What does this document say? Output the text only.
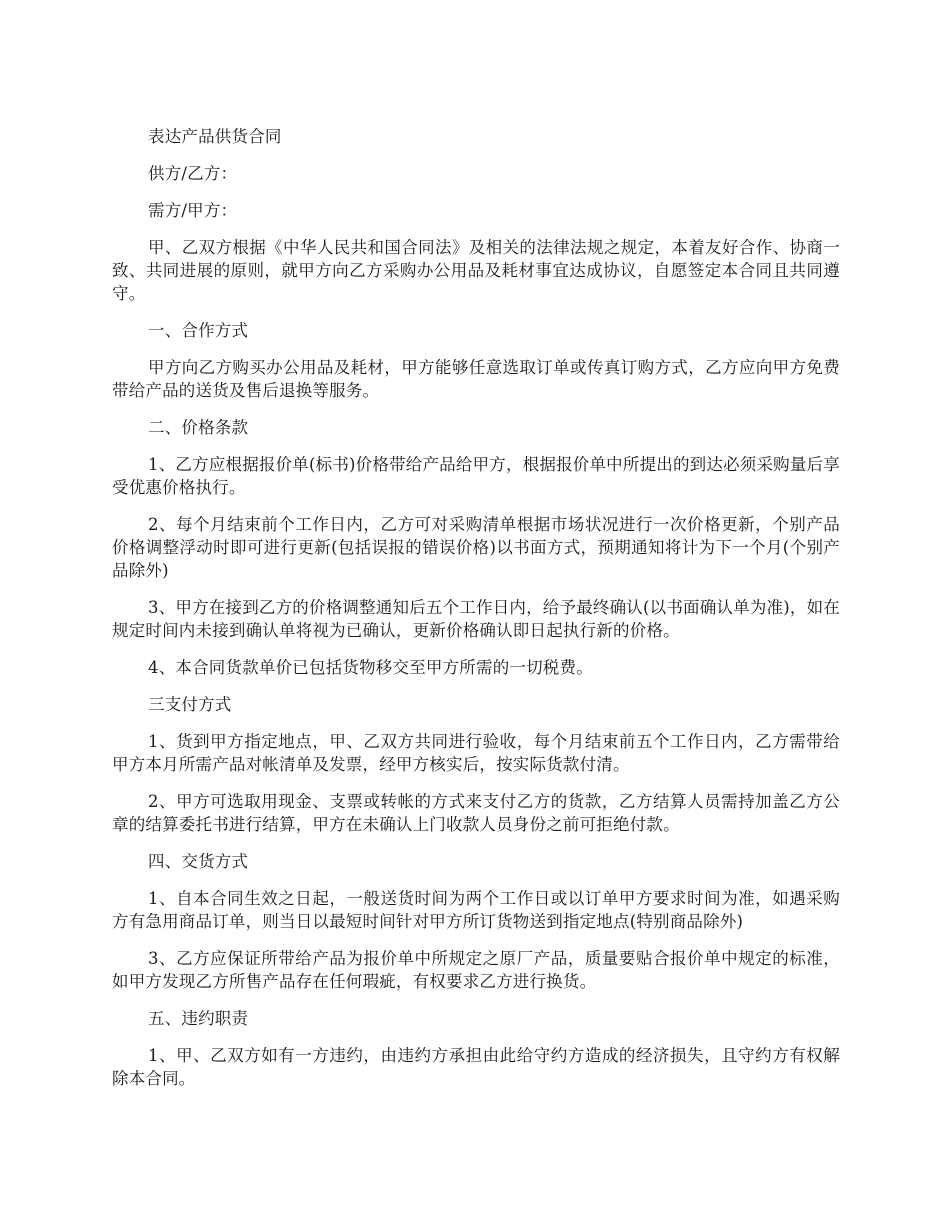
表达产品供货合同

供方/乙方：

需方/甲方：

甲、乙双方根据《中华人民共和国合同法》及相关的法律法规之规定，本着友好合作、协商一致、共同进展的原则，就甲方向乙方采购办公用品及耗材事宜达成协议，自愿签定本合同且共同遵守。

一、合作方式

甲方向乙方购买办公用品及耗材，甲方能够任意选取订单或传真订购方式，乙方应向甲方免费带给产品的送货及售后退换等服务。

二、价格条款

1、乙方应根据报价单(标书)价格带给产品给甲方，根据报价单中所提出的到达必须采购量后享受优惠价格执行。

2、每个月结束前个工作日内，乙方可对采购清单根据市场状况进行一次价格更新，个别产品价格调整浮动时即可进行更新(包括误报的错误价格)以书面方式，预期通知将计为下一个月(个别产品除外)

3、甲方在接到乙方的价格调整通知后五个工作日内，给予最终确认(以书面确认单为准)，如在规定时间内未接到确认单将视为已确认，更新价格确认即日起执行新的价格。

4、本合同货款单价已包括货物移交至甲方所需的一切税费。

三支付方式

1、货到甲方指定地点，甲、乙双方共同进行验收，每个月结束前五个工作日内，乙方需带给甲方本月所需产品对帐清单及发票，经甲方核实后，按实际货款付清。

2、甲方可选取用现金、支票或转帐的方式来支付乙方的货款，乙方结算人员需持加盖乙方公章的结算委托书进行结算，甲方在未确认上门收款人员身份之前可拒绝付款。

四、交货方式

1、自本合同生效之日起，一般送货时间为两个工作日或以订单甲方要求时间为准，如遇采购方有急用商品订单，则当日以最短时间针对甲方所订货物送到指定地点(特别商品除外)

3、乙方应保证所带给产品为报价单中所规定之原厂产品，质量要贴合报价单中规定的标准，如甲方发现乙方所售产品存在任何瑕疵，有权要求乙方进行换货。

五、违约职责

1、甲、乙双方如有一方违约，由违约方承担由此给守约方造成的经济损失，且守约方有权解除本合同。
